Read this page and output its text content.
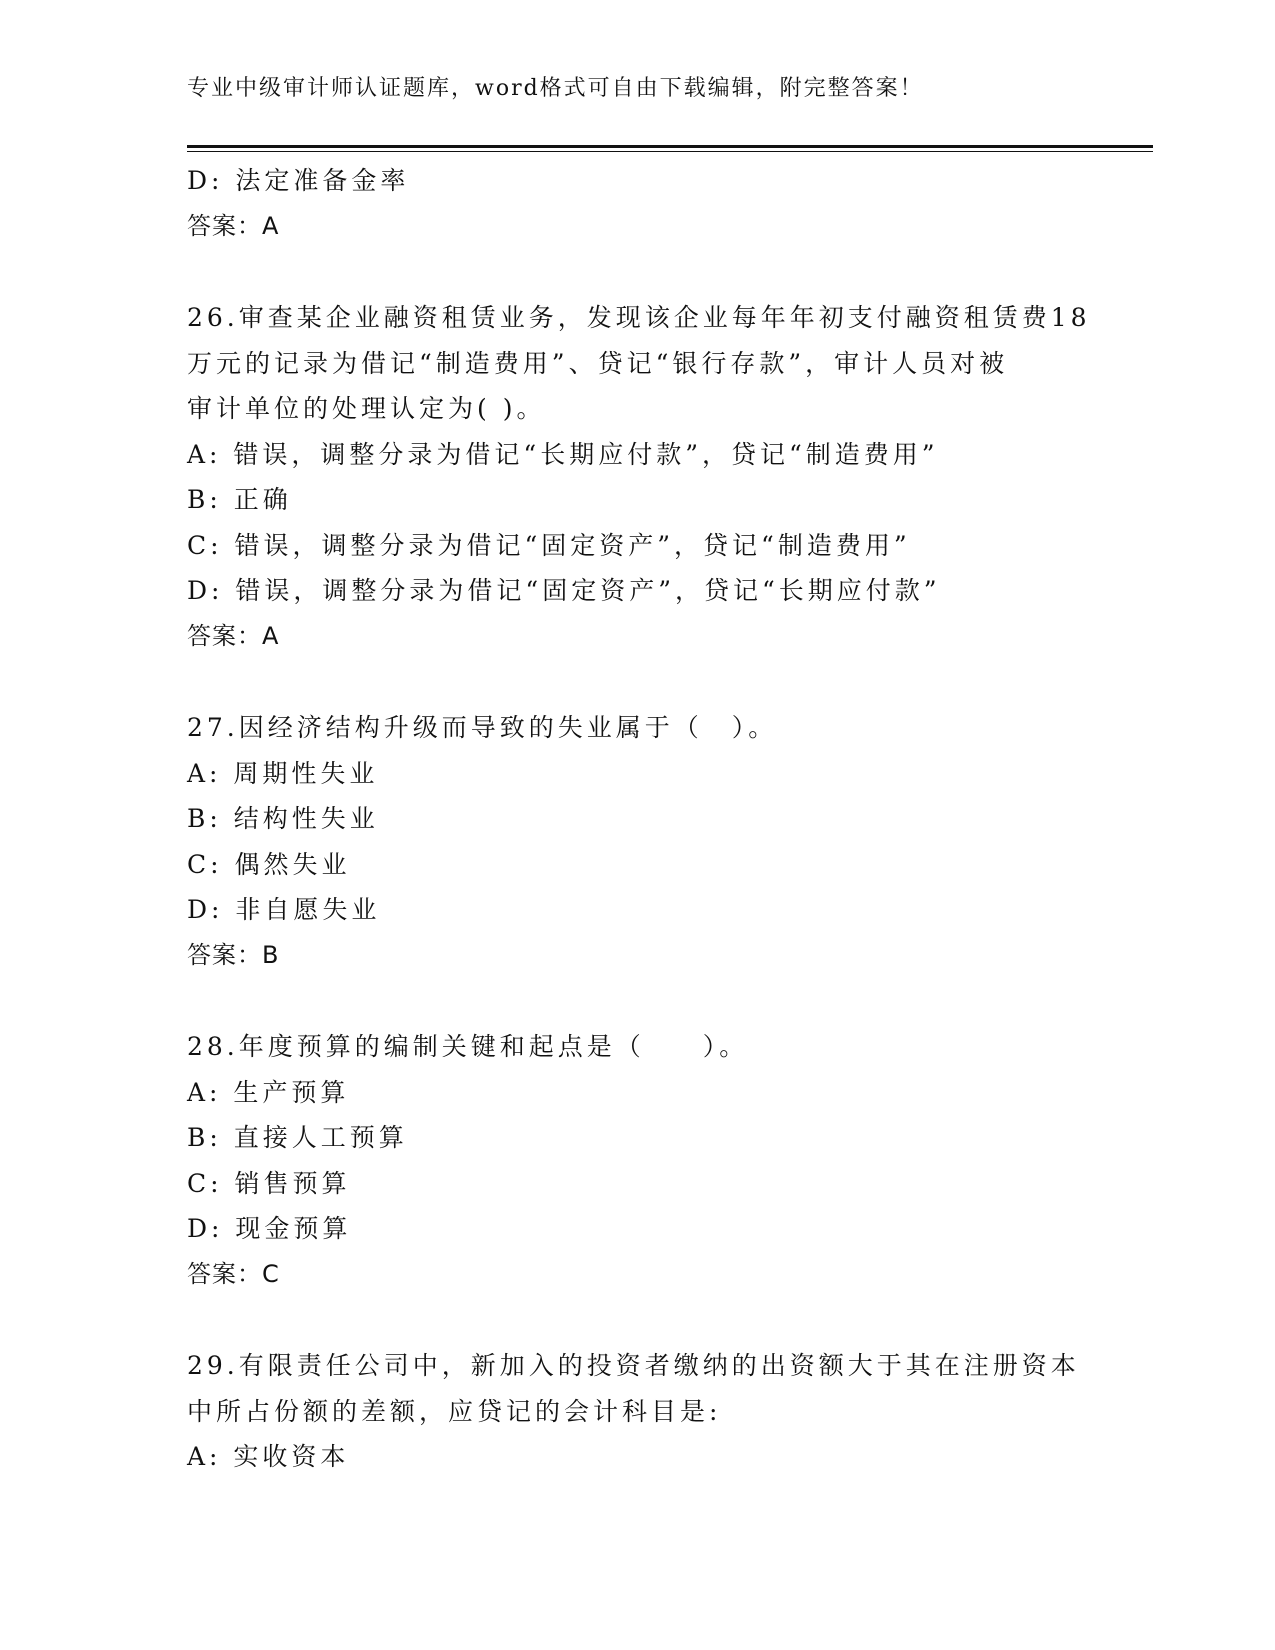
专业中级审计师认证题库，word格式可自由下载编辑，附完整答案！
D: 法定准备金率
答案：A
26.审查某企业融资租赁业务，发现该企业每年年初支付融资租赁费18
万元的记录为借记“制造费用”、贷记“银行存款”，审计人员对被
审计单位的处理认定为( )。
A: 错误，调整分录为借记“长期应付款”，贷记“制造费用”
B: 正确
C: 错误，调整分录为借记“固定资产”，贷记“制造费用”
D: 错误，调整分录为借记“固定资产”，贷记“长期应付款”
答案：A
27.因经济结构升级而导致的失业属于（　）。
A: 周期性失业
B: 结构性失业
C: 偶然失业
D: 非自愿失业
答案：B
28.年度预算的编制关键和起点是（　　）。
A: 生产预算
B: 直接人工预算
C: 销售预算
D: 现金预算
答案：C
29.有限责任公司中，新加入的投资者缴纳的出资额大于其在注册资本
中所占份额的差额，应贷记的会计科目是:
A: 实收资本
